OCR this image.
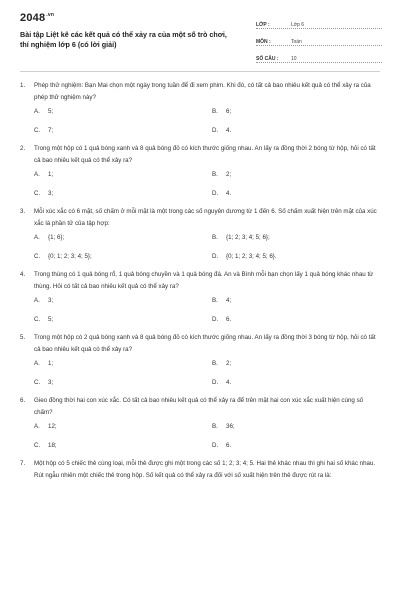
$2048^{.vn}$
Bài tập Liệt kê các kết quả có thể xảy ra của một số trò chơi, thí nghiệm lớp 6 (có lời giải)
LỚP :	Lớp 6
MÔN :	Toán
SỐ CÂU :	10
1.	Phép thử nghiệm: Bạn Mai chọn một ngày trong tuần để đi xem phim. Khi đó, có tất cả bao nhiêu kết quả có thể xảy ra của phép thử nghiệm này?
A.	5;	B.	6;
C.	7;	D.	4.
2.	Trong một hộp có 1 quả bóng xanh và 8 quả bóng đỏ có kích thước giống nhau. An lấy ra đồng thời 2 bóng từ hộp, hỏi có tất cả bao nhiêu kết quả có thể xảy ra?
A.	1;	B.	2;
C.	3;	D.	4.
3.	Mỗi xúc xắc có 6 mặt, số chấm ở mỗi mặt là một trong các số nguyên dương từ 1 đến 6. Số chấm xuất hiện trên mặt của xúc xắc là phần tử của tập hợp:
A.	{1; 6};	B.	{1; 2; 3; 4; 5; 6};
C.	{0; 1; 2; 3; 4; 5};	D.	{0; 1; 2; 3; 4; 5; 6}.
4.	Trong thùng có 1 quả bóng rổ, 1 quả bóng chuyền và 1 quả bóng đá. An và Bình mỗi bạn chọn lấy 1 quả bóng khác nhau từ thùng. Hỏi có tất cả bao nhiêu kết quả có thể xảy ra?
A.	3;	B.	4;
C.	5;	D.	6.
5.	Trong một hộp có 2 quả bóng xanh và 8 quả bóng đỏ có kích thước giống nhau. An lấy ra đồng thời 3 bóng từ hộp, hỏi có tất cả bao nhiêu kết quả có thể xảy ra?
A.	1;	B.	2;
C.	3;	D.	4.
6.	Gieo đồng thời hai con xúc xắc. Có tất cả bao nhiêu kết quả có thể xảy ra để trên mặt hai con xúc xắc xuất hiện cùng số chấm?
A.	12;	B.	36;
C.	18;	D.	6.
7.	Một hộp có 5 chiếc thẻ cùng loại, mỗi thẻ được ghi một trong các số 1; 2; 3; 4; 5. Hai thẻ khác nhau thì ghi hai số khác nhau. Rút ngẫu nhiên một chiếc thẻ trong hộp. Số kết quả có thể xảy ra đối với số xuất hiện trên thẻ được rút ra là:
